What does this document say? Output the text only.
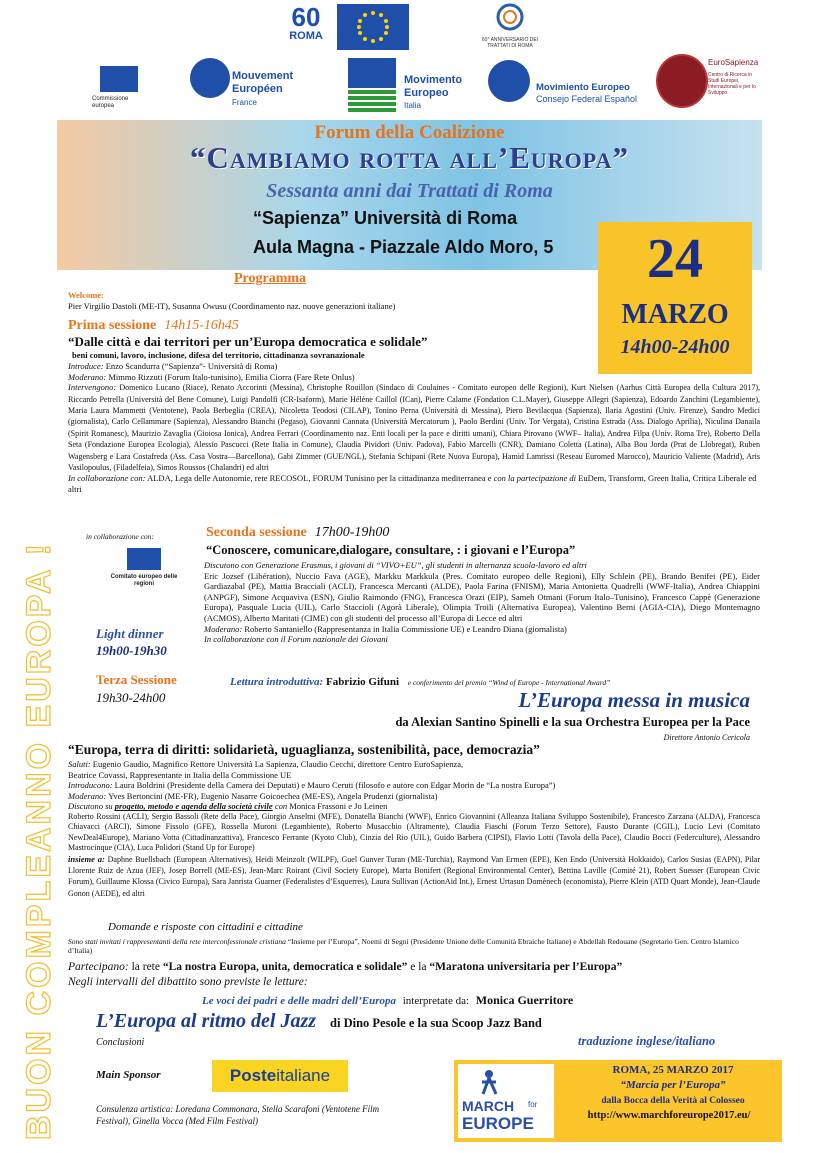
60
ROMA	60° ANNIVERSARIO DEI TRATTATI DI ROMA
Commissione europea
Mouvement
Européen
France
Movimento
Europeo
Italia
Movimiento Europeo
Consejo Federal Español
EuroSapienza
Centro di Ricerca in Studi Europei, Internazionali e per lo Sviluppo
Forum della Coalizione
“Cambiamo rotta all’Europa”
Sessanta anni dai Trattati di Roma
“Sapienza” Università di Roma
Aula Magna - Piazzale Aldo Moro, 5	24
MARZO
14h00-24h00
BUON COMPLEANNO EUROPA !
Programma
Welcome:
Pier Virgilio Dastoli (ME-IT), Susanna Owusu (Coordinamento naz. nuove generazioni italiane)
Prima sessione 14h15-16h45
“Dalle città e dai territori per un’Europa democratica e solidale”
beni comuni, lavoro, inclusione, difesa del territorio, cittadinanza sovranazionale
Introduce: Enzo Scandurra (“Sapienza”- Università di Roma)
Moderano: Mimmo Rizzuti (Forum Italo-tunisino), Emilia Ciorra (Fare Rete Onlus)
Intervengono: Domenico Lucano (Riace), Renato Accorinti (Messina), Christophe Rouillon (Sindaco di Coulaines - Comitato europeo delle Regioni), Kurt Nielsen (Aarhus Città Europea della Cultura 2017), Riccardo Petrella (Università del Bene Comune), Luigi Pandolfi (CR-Isaform), Marie Hélène Caillol (ICan), Pierre Calame (Fondation C.L.Mayer), Giuseppe Allegri (Sapienza), Edoardo Zanchini (Legambiente), Maria Laura Mammetti (Ventotene), Paola Berbeglia (CREA), Nicoletta Teodosi (CILAP), Tonino Perna (Università di Messina), Piero Bevilacqua (Sapienza), Ilaria Agostini (Univ. Firenze), Sandro Medici (giornalista), Carlo Cellammare (Sapienza), Alessandro Bianchi (Pegaso), Giovanni Cannata (Università Mercatorum ), Paolo Berdini (Univ. Tor Vergata), Cristina Estrada (Ass. Dialogo Aprilia), Niculina Danaila (Spirit Romanesc), Maurizio Zavaglia (Gioiosa Ionica), Andrea Ferrari (Coordinamento naz. Enti locali per la pace e diritti umani), Chiara Pirovano (WWF– Italia), Andrea Filpa (Univ. Roma Tre), Roberto Della Seta (Fondazione Europea Ecologia), Alessio Pascucci (Rete Italia in Comune), Claudia Pividori (Univ. Padova), Fabio Marcelli (CNR), Damiano Coletta (Latina), Alba Bou Jorda (Prat de Llobregat), Ruben Wagensberg e Lara Costafreda (Ass. Casa Vostra—Barcellona), Gabi Zimmer (GUE/NGL), Stefania Schipani (Rete Nuova Europa), Hamid Lamrissi (Reseau Euromed Marocco), Mauricio Valiente (Madrid), Aris Vasilopoulus, (Filadelfeia), Simos Roussos (Chalandri) ed altri
In collaborazione con: ALDA, Lega delle Autonomie, rete RECOSOL, FORUM Tunisino per la cittadinanza mediterranea e con la partecipazione di EuDem, Transform, Green Italia, Critica Liberale ed altri
in collaborazione con:
Comitato europeo delle regioni
Light dinner
19h00-19h30
Terza Sessione
19h30-24h00
Seconda sessione 17h00-19h00
“Conoscere, comunicare,dialogare, consultare, : i giovani e l’Europa”
Discutono con Generazione Erasmus, i giovani di “VIVO+EU”, gli studenti in alternanza scuola-lavoro ed altri
Eric Jozsef (Libération), Nuccio Fava (AGE), Markku Markkula (Pres. Comitato europeo delle Regioni), Elly Schlein (PE), Brando Benifei (PE), Eider Gardiazabal (PE), Mattia Bracciali (ACLI), Francesca Mercanti (ALDE), Paola Farina (FNISM), Maria Antonietta Quadrelli (WWF-Italia), Andrea Chiappini (ANPGF), Simone Acquaviva (ESN), Giulio Raimondo (FNG), Francesca Orazi (EIP), Sameh Otmani (Forum Italo–Tunisino), Francesco Cappè (Generazione Europa), Pasquale Lucia (UIL), Carlo Staccioli (Agorà Liberale), Olimpia Troili (Alternativa Europea), Valentino Berni (AGIA-CIA), Diego Montemagno (ACMOS), Alberto Maritati (CIME) con gli studenti del processo all’Europa di Lecce ed altri
Moderano: Roberto Santaniello (Rappresentanza in Italia Commissione UE) e Leandro Diana (giornalista)
In collaborazione con il Forum nazionale dei Giovani
Lettura introduttiva: Fabrizio Gifuni e conferimento del premio “Wind of Europe - International Award”
L’Europa messa in musica
da Alexian Santino Spinelli e la sua Orchestra Europea per la Pace
Direttore Antonio Cericola
“Europa, terra di diritti: solidarietà, uguaglianza, sostenibilità, pace, democrazia”
Saluti: Eugenio Gaudio, Magnifico Rettore Università La Sapienza, Claudio Cecchi, direttore Centro EuroSapienza,
Beatrice Covassi, Rappresentante in Italia della Commissione UE
Introducono: Laura Boldrini (Presidente della Camera dei Deputati) e Mauro Ceruti (filosofo e autore con Edgar Morin de “La nostra Europa”)
Moderano: Yves Bertoncini (ME-FR), Eugenio Nasarre Goicoechea (ME-ES), Angela Prudenzi (giornalista)
Discutono su progetto, metodo e agenda della società civile con Monica Frassoni e Jo Leinen
Roberto Rossini (ACLI), Sergio Bassoli (Rete della Pace), Giorgio Anselmi (MFE), Donatella Bianchi (WWF), Enrico Giovannini (Alleanza Italiana Sviluppo Sostenibile), Francesco Zarzana (ALDA), Francesca Chiavacci (ARCI), Simone Fissolo (GFE), Rossella Muroni (Legambiente), Roberto Musacchio (Altramente), Claudia Fiaschi (Forum Terzo Settore), Fausto Durante (CGIL), Lucio Levi (Comitato NewDeal4Europe), Mariano Votta (Cittadinanzattiva), Francesco Ferrante (Kyoto Club), Cinzia del Rio (UIL), Guido Barbera (CIPSI), Flavio Lotti (Tavola della Pace), Claudio Bocci (Federculture), Alessandro Mastrocinque (CIA), Luca Polidori (Stand Up for Europe)
insieme a: Daphne Buellsbach (European Alternatives), Heidi Meinzolt (WILPF), Guel Gunver Turan (ME-Turchia), Raymond Van Ermen (EPE), Ken Endo (Università Hokkaido), Carlos Susias (EAPN), Pilar Llorente Ruiz de Azua (JEF), Josep Borrell (ME-ES), Jean-Marc Roirant (Civil Society Europe), Marta Bonifert (Regional Environmental Center), Bettina Laville (Comité 21), Robert Suesser (European Civic Forum), Guillaume Klossa (Civico Europa), Sara Janrista Guarner (Federalistes d’Esquerres), Laura Sullivan (ActionAid Int.), Ernest Urtasun Domènech (economista), Pierre Klein (ATD Quart Monde), Jean-Claude Gonon (AEDE), ed altri
Domande e risposte con cittadini e cittadine
Sono stati invitati i rappresentanti della rete interconfessionale cristiana “Insieme per l’Europa”, Noemi di Segni (Presidente Unione delle Comunità Ebraiche Italiane) e Abdellah Redouane (Segretario Gen. Centro Islamico d’Italia)
Partecipano: la rete “La nostra Europa, unita, democratica e solidale” e la “Maratona universitaria per l’Europa”
Negli intervalli del dibattito sono previste le letture:
Le voci dei padri e delle madri dell’Europa interpretate da: Monica Guerritore
L’Europa al ritmo del Jazz di Dino Pesole e la sua Scoop Jazz Band
Conclusioni	traduzione inglese/italiano
Main Sponsor	Poste italiane
Consulenza artistica: Loredana Commonara, Stella Scarafoni (Ventotene Film Festival), Ginella Vocca (Med Film Festival)
MARCH for
EUROPE
ROMA, 25 MARZO 2017
“Marcia per l’Europa”
dalla Bocca della Verità al Colosseo
http://www.marchforeurope2017.eu/
